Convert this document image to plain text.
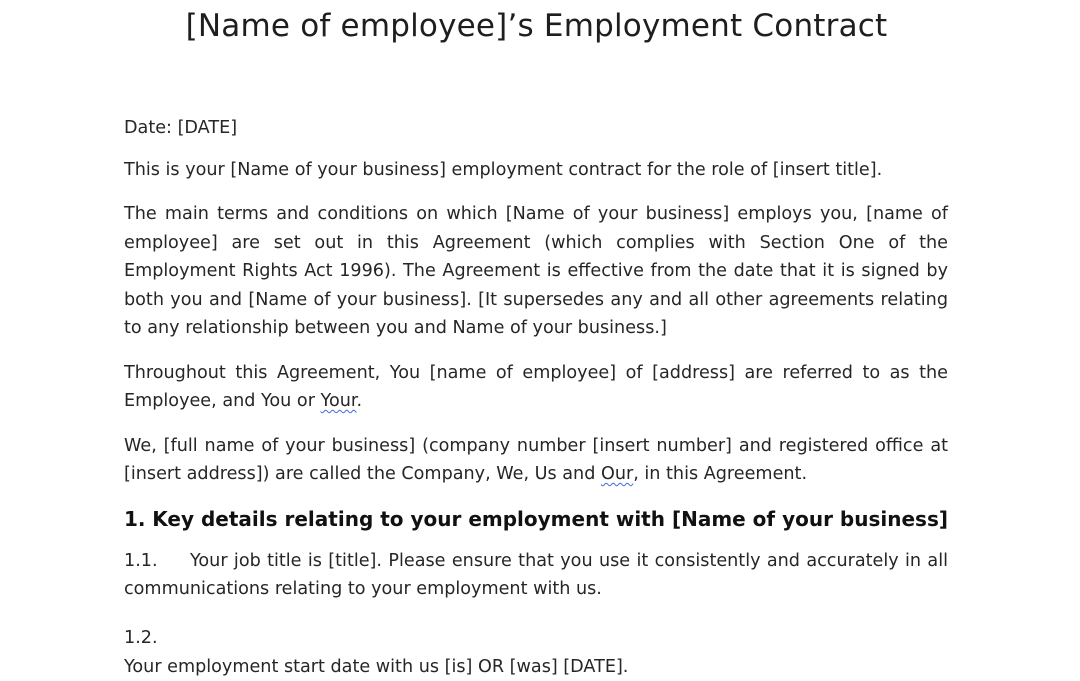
[Name of employee]’s Employment Contract

Date: [DATE]

This is your [Name of your business] employment contract for the role of [insert title].

The main terms and conditions on which [Name of your business] employs you, [name of employee] are set out in this Agreement (which complies with Section One of the Employment Rights Act 1996). The Agreement is effective from the date that it is signed by both you and [Name of your business]. [It supersedes any and all other agreements relating to any relationship between you and Name of your business.]

Throughout this Agreement, You [name of employee] of [address] are referred to as the Employee, and You or Your.

We, [full name of your business] (company number [insert number] and registered office at [insert address]) are called the Company, We, Us and Our, in this Agreement.

1. Key details relating to your employment with [Name of your business]

1.1. Your job title is [title]. Please ensure that you use it consistently and accurately in all communications relating to your employment with us.

1.2.
Your employment start date with us [is] OR [was] [DATE].
